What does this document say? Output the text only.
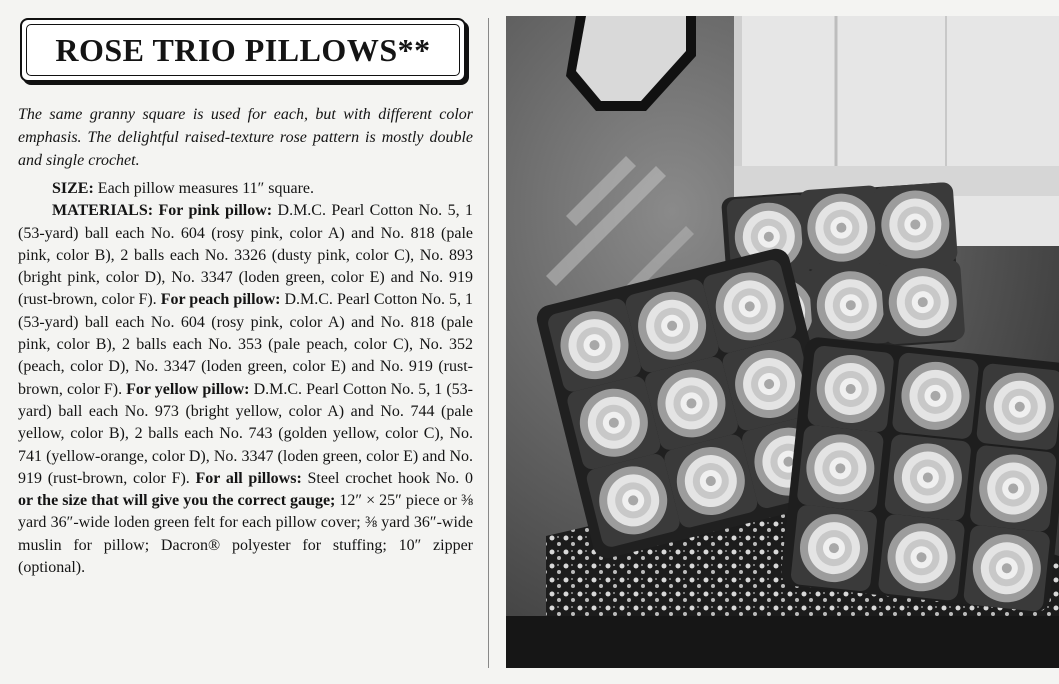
ROSE TRIO PILLOWS**

The same granny square is used for each, but with different color emphasis. The delightful raised-texture rose pattern is mostly double and single crochet.

SIZE: Each pillow measures 11″ square.

MATERIALS: For pink pillow: D.M.C. Pearl Cotton No. 5, 1 (53-yard) ball each No. 604 (rosy pink, color A) and No. 818 (pale pink, color B), 2 balls each No. 3326 (dusty pink, color C), No. 893 (bright pink, color D), No. 3347 (loden green, color E) and No. 919 (rust-brown, color F). For peach pillow: D.M.C. Pearl Cotton No. 5, 1 (53-yard) ball each No. 604 (rosy pink, color A) and No. 818 (pale pink, color B), 2 balls each No. 353 (pale peach, color C), No. 352 (peach, color D), No. 3347 (loden green, color E) and No. 919 (rust-brown, color F). For yellow pillow: D.M.C. Pearl Cotton No. 5, 1 (53-yard) ball each No. 973 (bright yellow, color A) and No. 744 (pale yellow, color B), 2 balls each No. 743 (golden yellow, color C), No. 741 (yellow-orange, color D), No. 3347 (loden green, color E) and No. 919 (rust-brown, color F). For all pillows: Steel crochet hook No. 0 or the size that will give you the correct gauge; 12″ × 25″ piece or ⅜ yard 36″-wide loden green felt for each pillow cover; ⅜ yard 36″-wide muslin for pillow; Dacron® polyester for stuffing; 10″ zipper (optional).
